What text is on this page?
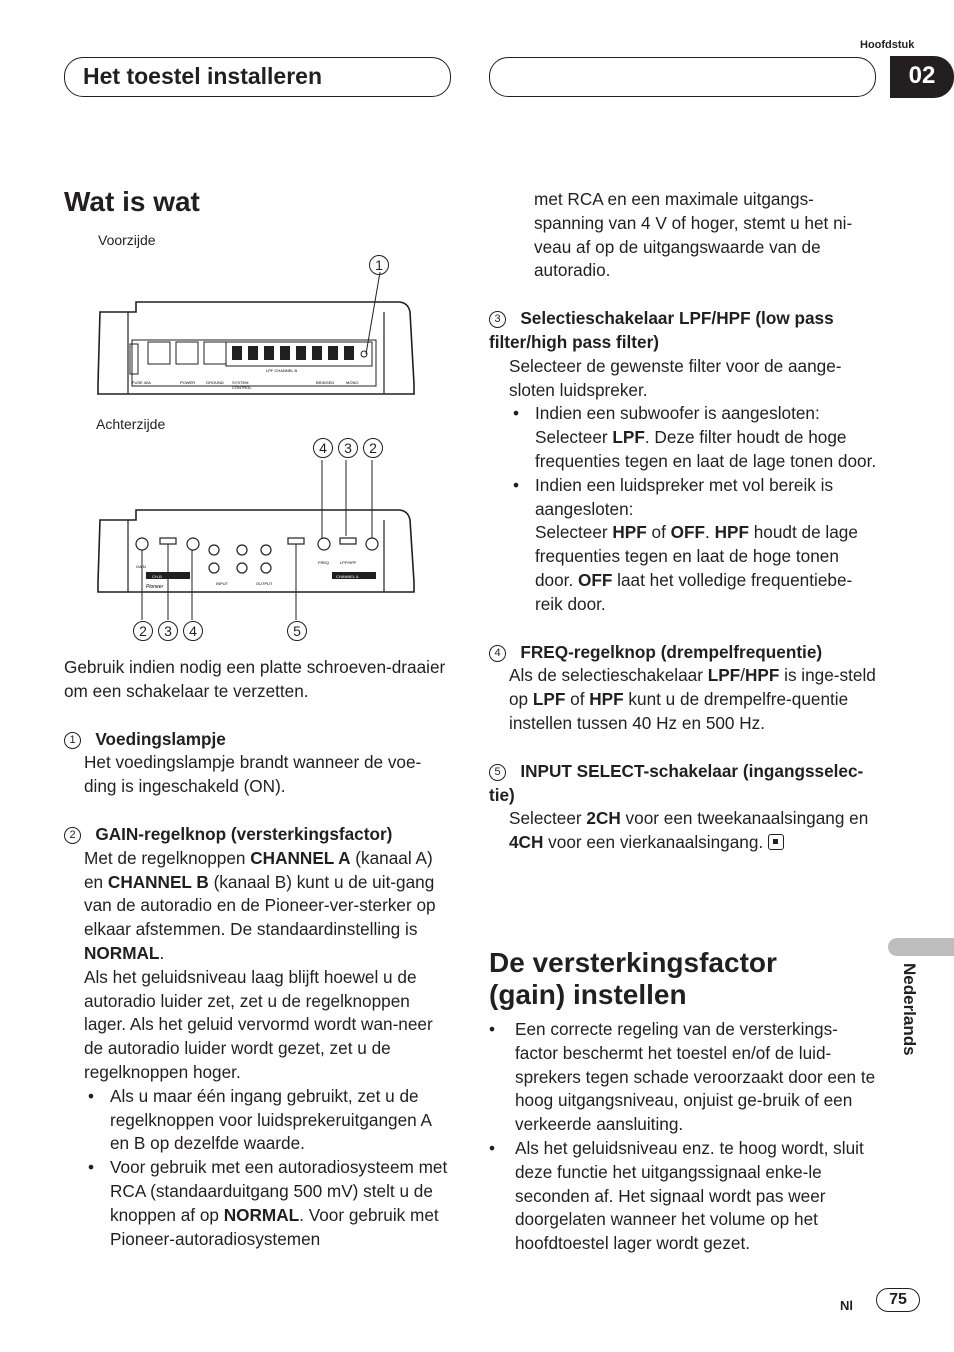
Hoofdstuk
Het toestel installeren	02
Wat is wat
Voorzijde
1
FUSE 40A	POWER	GROUND SYSTEM
CONTROL
LPF CHANNEL B
BRIDGED	MONO
Achterzijde
4	3	2
GAIN
CH-B
INPUT	OUTPUT
FREQ	LPF/HPF
CHANNEL A
Pioneer
2	3	4	5
Gebruik indien nodig een platte schroeven-draaier om een schakelaar te verzetten.
1 Voedingslampje
Het voedingslampje brandt wanneer de voe-ding is ingeschakeld (ON).
2 GAIN-regelknop (versterkingsfactor)
Met de regelknoppen CHANNEL A (kanaal A) en CHANNEL B (kanaal B) kunt u de uit-gang van de autoradio en de Pioneer-ver-sterker op elkaar afstemmen. De standaardinstelling is NORMAL.
Als het geluidsniveau laag blijft hoewel u de autoradio luider zet, zet u de regelknoppen lager. Als het geluid vervormd wordt wan-neer de autoradio luider wordt gezet, zet u de regelknoppen hoger.
• Als u maar één ingang gebruikt, zet u de regelknoppen voor luidsprekeruitgangen A en B op dezelfde waarde.
• Voor gebruik met een autoradiosysteem met RCA (standaarduitgang 500 mV) stelt u de knoppen af op NORMAL. Voor gebruik met Pioneer-autoradiosystemen
met RCA en een maximale uitgangs-spanning van 4 V of hoger, stemt u het ni-veau af op de uitgangswaarde van de autoradio.
3 Selectieschakelaar LPF/HPF (low pass filter/high pass filter)
Selecteer de gewenste filter voor de aange-sloten luidspreker.
• Indien een subwoofer is aangesloten:
Selecteer LPF. Deze filter houdt de hoge frequenties tegen en laat de lage tonen door.
• Indien een luidspreker met vol bereik is aangesloten:
Selecteer HPF of OFF. HPF houdt de lage frequenties tegen en laat de hoge tonen door. OFF laat het volledige frequentiebe-reik door.
4 FREQ-regelknop (drempelfrequentie)
Als de selectieschakelaar LPF/HPF is inge-steld op LPF of HPF kunt u de drempelfre-quentie instellen tussen 40 Hz en 500 Hz.
5 INPUT SELECT-schakelaar (ingangsselec-tie)
Selecteer 2CH voor een tweekanaalsingang en 4CH voor een vierkanaalsingang.
De versterkingsfactor
(gain) instellen
• Een correcte regeling van de versterkings-factor beschermt het toestel en/of de luid-sprekers tegen schade veroorzaakt door een te hoog uitgangsniveau, onjuist ge-bruik of een verkeerde aansluiting.
• Als het geluidsniveau enz. te hoog wordt, sluit deze functie het uitgangssignaal enke-le seconden af. Het signaal wordt pas weer doorgelaten wanneer het volume op het hoofdtoestel lager wordt gezet.
Nederlands
Nl	75
